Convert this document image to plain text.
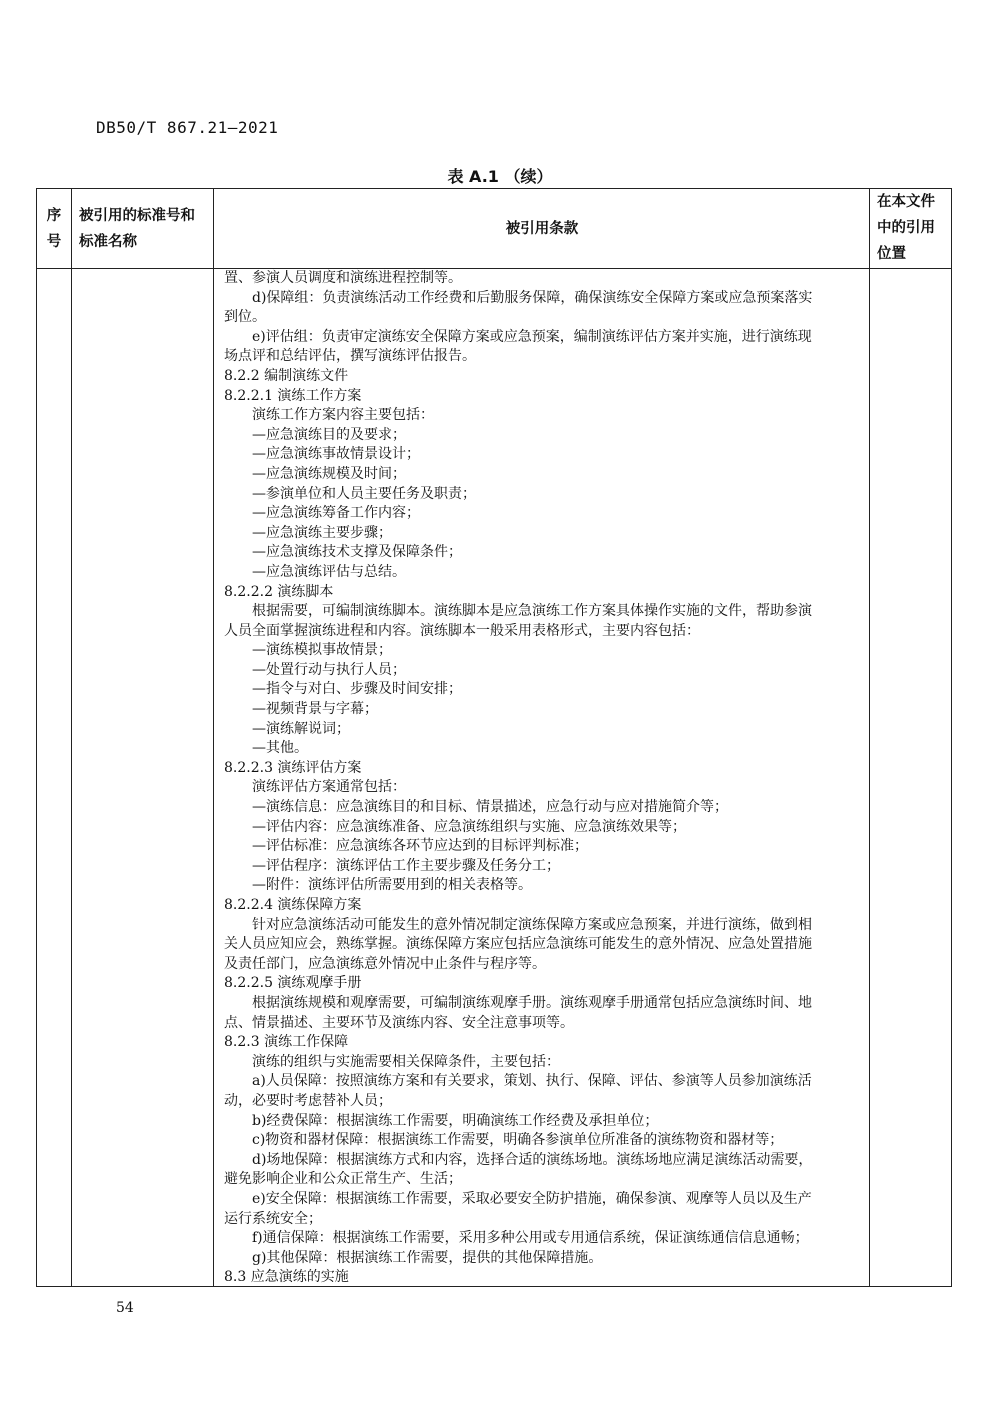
DB50/T 867.21—2021
表 A.1 （续）
序号
被引用的标准号和
标准名称
被引用条款
在本文件
中的引用
位置
置、参演人员调度和演练进程控制等。
d)保障组：负责演练活动工作经费和后勤服务保障，确保演练安全保障方案或应急预案落实
到位。
e)评估组：负责审定演练安全保障方案或应急预案，编制演练评估方案并实施，进行演练现
场点评和总结评估，撰写演练评估报告。
8.2.2 编制演练文件
8.2.2.1 演练工作方案
演练工作方案内容主要包括：
—应急演练目的及要求；
—应急演练事故情景设计；
—应急演练规模及时间；
—参演单位和人员主要任务及职责；
—应急演练筹备工作内容；
—应急演练主要步骤；
—应急演练技术支撑及保障条件；
—应急演练评估与总结。
8.2.2.2 演练脚本
根据需要，可编制演练脚本。演练脚本是应急演练工作方案具体操作实施的文件，帮助参演
人员全面掌握演练进程和内容。演练脚本一般采用表格形式，主要内容包括：
—演练模拟事故情景；
—处置行动与执行人员；
—指令与对白、步骤及时间安排；
—视频背景与字幕；
—演练解说词；
—其他。
8.2.2.3 演练评估方案
演练评估方案通常包括：
—演练信息：应急演练目的和目标、情景描述，应急行动与应对措施简介等；
—评估内容：应急演练准备、应急演练组织与实施、应急演练效果等；
—评估标准：应急演练各环节应达到的目标评判标准；
—评估程序：演练评估工作主要步骤及任务分工；
—附件：演练评估所需要用到的相关表格等。
8.2.2.4 演练保障方案
针对应急演练活动可能发生的意外情况制定演练保障方案或应急预案，并进行演练，做到相
关人员应知应会，熟练掌握。演练保障方案应包括应急演练可能发生的意外情况、应急处置措施
及责任部门，应急演练意外情况中止条件与程序等。
8.2.2.5 演练观摩手册
根据演练规模和观摩需要，可编制演练观摩手册。演练观摩手册通常包括应急演练时间、地
点、情景描述、主要环节及演练内容、安全注意事项等。
8.2.3 演练工作保障
演练的组织与实施需要相关保障条件，主要包括：
a)人员保障：按照演练方案和有关要求，策划、执行、保障、评估、参演等人员参加演练活
动，必要时考虑替补人员；
b)经费保障：根据演练工作需要，明确演练工作经费及承担单位；
c)物资和器材保障：根据演练工作需要，明确各参演单位所准备的演练物资和器材等；
d)场地保障：根据演练方式和内容，选择合适的演练场地。演练场地应满足演练活动需要，
避免影响企业和公众正常生产、生活；
e)安全保障：根据演练工作需要，采取必要安全防护措施，确保参演、观摩等人员以及生产
运行系统安全；
f)通信保障：根据演练工作需要，采用多种公用或专用通信系统，保证演练通信信息通畅；
g)其他保障：根据演练工作需要，提供的其他保障措施。
8.3 应急演练的实施
54
